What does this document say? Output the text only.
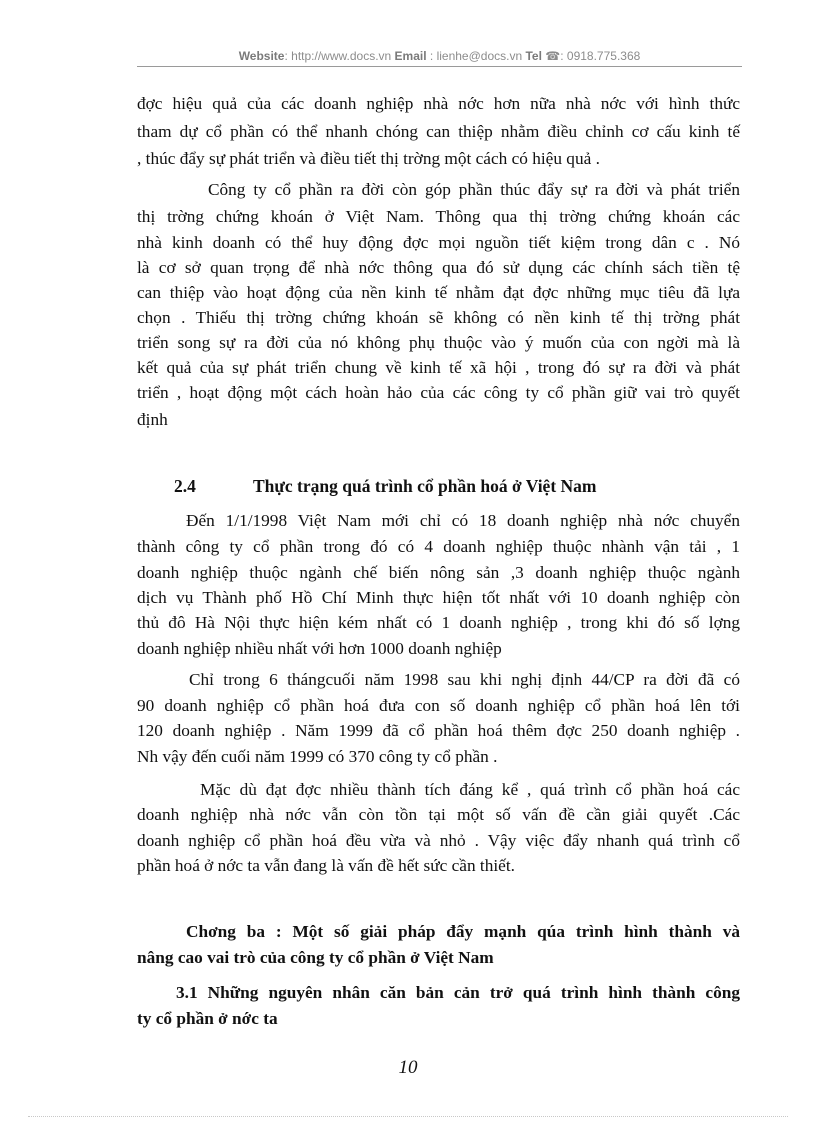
Website: http://www.docs.vn Email : lienhe@docs.vn Tel ☎: 0918.775.368
đợc hiệu quả của các doanh nghiệp nhà nớc hơn nữa nhà nớc với hình thức
tham dự cổ phần có thể nhanh chóng can thiệp nhằm điều chỉnh cơ cấu kinh tế
, thúc đẩy sự phát triển và điều tiết thị trờng một cách có hiệu quả .
Công ty cổ phần ra đời còn góp phần thúc đẩy sự ra đời và phát triển
thị trờng chứng khoán ở Việt Nam. Thông qua thị trờng chứng khoán các
nhà kinh doanh có thể huy động đợc mọi nguồn tiết kiệm trong dân c . Nó
là cơ sở quan trọng để nhà nớc thông qua đó sử dụng các chính sách tiền tệ
can thiệp vào hoạt động của nền kinh tế nhằm đạt đợc những mục tiêu đã lựa
chọn . Thiếu thị trờng chứng khoán sẽ không có nền kinh tế thị trờng phát
triển song sự ra đời của nó không phụ thuộc vào ý muốn của con ngời mà là
kết quả của sự phát triển chung về kinh tế xã hội , trong đó sự ra đời và phát
triển , hoạt động một cách hoàn hảo của các công ty cổ phần giữ vai trò quyết
định
2.4	Thực trạng quá trình cổ phần hoá ở Việt Nam
Đến 1/1/1998 Việt Nam mới chỉ có 18 doanh nghiệp nhà nớc chuyển
thành công ty cổ phần trong đó có 4 doanh nghiệp thuộc nhành vận tải , 1
doanh nghiệp thuộc ngành chế biến nông sản ,3 doanh nghiệp thuộc ngành
dịch vụ Thành phố Hồ Chí Minh thực hiện tốt nhất với 10 doanh nghiệp còn
thủ đô Hà Nội thực hiện kém nhất có 1 doanh nghiệp , trong khi đó số lợng
doanh nghiệp nhiều nhất với hơn 1000 doanh nghiệp
Chỉ trong 6 thángcuối năm 1998 sau khi nghị định 44/CP ra đời đã có
90 doanh nghiệp cổ phần hoá đưa con số doanh nghiệp cổ phần hoá lên tới
120 doanh nghiệp . Năm 1999 đã cổ phần hoá thêm đợc 250 doanh nghiệp .
Nh vậy đến cuối năm 1999 có 370 công ty cổ phần .
Mặc dù đạt đợc nhiều thành tích đáng kể , quá trình cổ phần hoá các
doanh nghiệp nhà nớc vẫn còn tồn tại một số vấn đề cần giải quyết .Các
doanh nghiệp cổ phần hoá đều vừa và nhỏ . Vậy việc đẩy nhanh quá trình cổ
phần hoá ở nớc ta vẫn đang là vấn đề hết sức cần thiết.
Chơng ba : Một số giải pháp đẩy mạnh qúa trình hình thành và
nâng cao vai trò của công ty cổ phần ở Việt Nam
3.1 Những nguyên nhân căn bản cản trở quá trình hình thành công
ty cổ phần ở nớc ta
10
